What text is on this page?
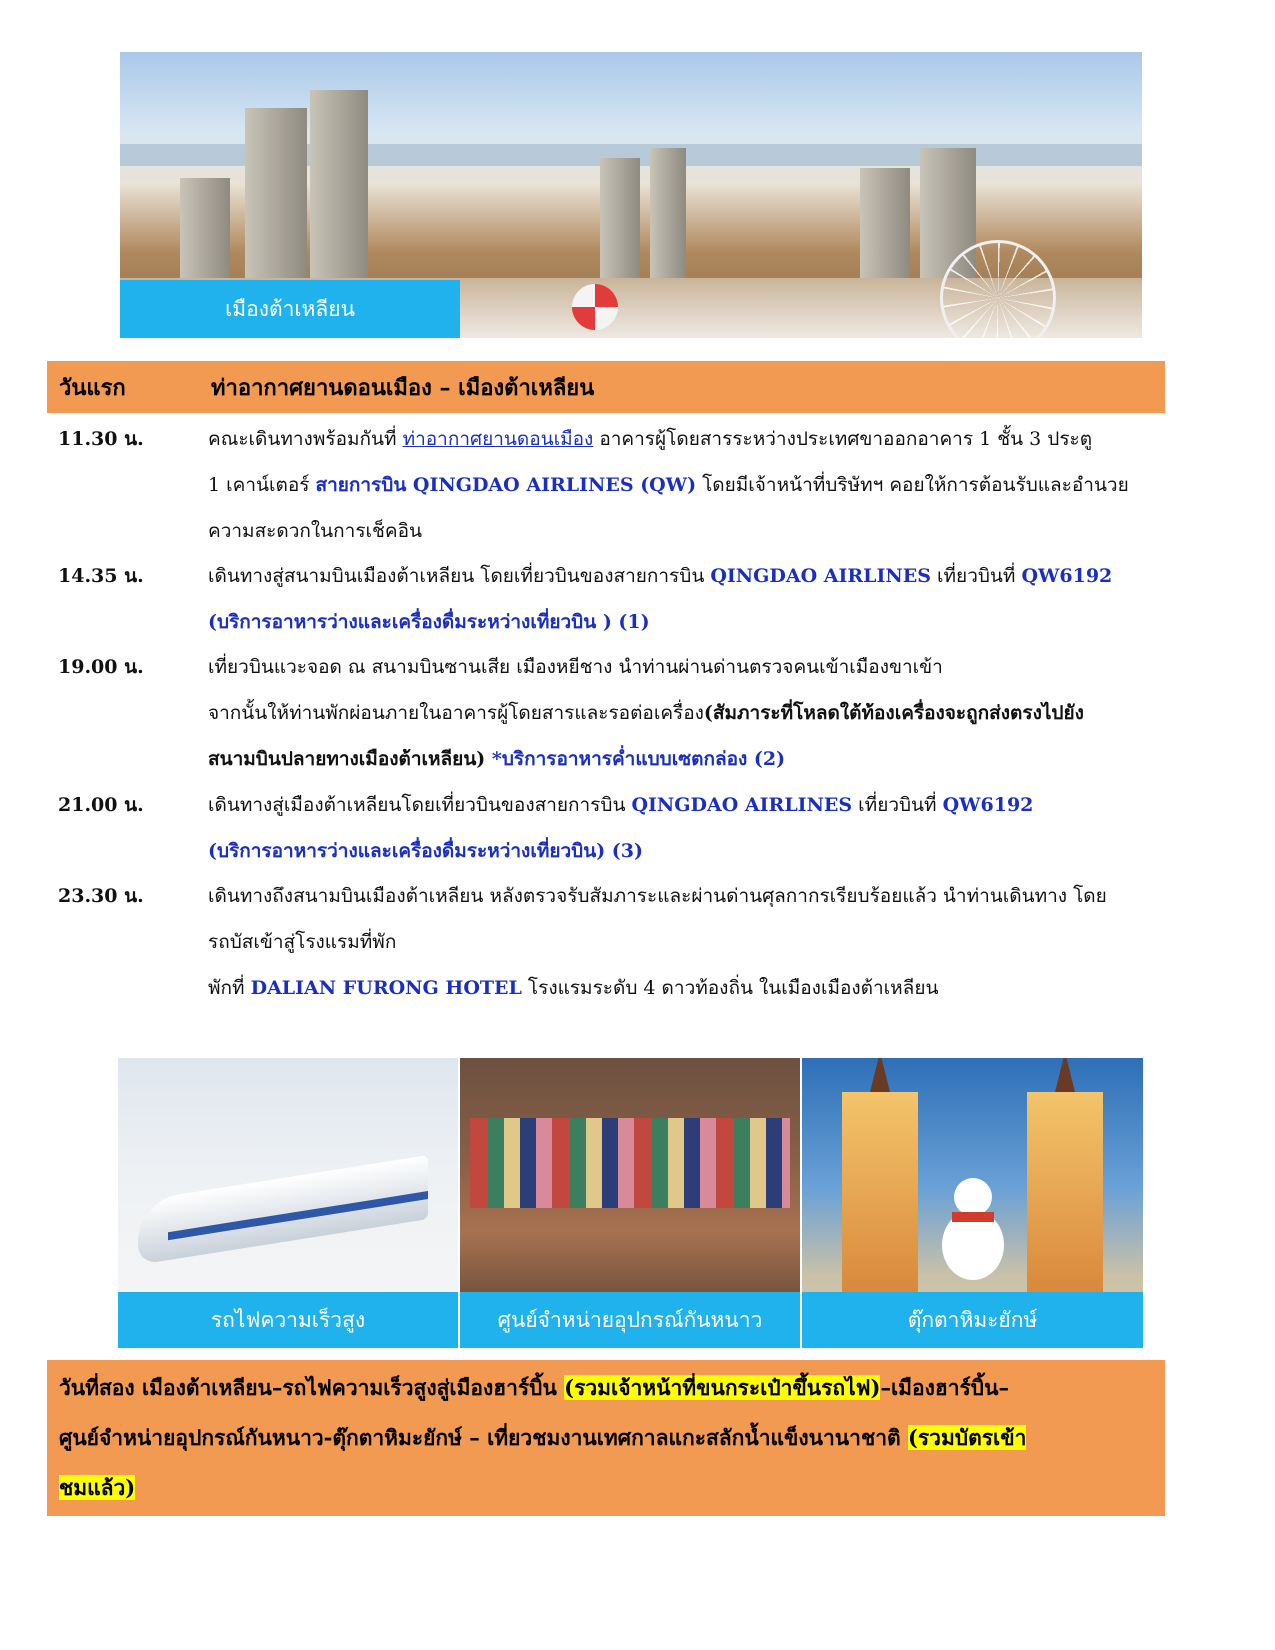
เมืองต้าเหลียน
วันแรก	ท่าอากาศยานดอนเมือง – เมืองต้าเหลียน
11.30 น.	คณะเดินทางพร้อมกันที่ ท่าอากาศยานดอนเมือง อาคารผู้โดยสารระหว่างประเทศขาออกอาคาร 1 ชั้น 3 ประตู
1 เคาน์เตอร์ สายการบิน QINGDAO AIRLINES (QW) โดยมีเจ้าหน้าที่บริษัทฯ คอยให้การต้อนรับและอำนวย
ความสะดวกในการเช็คอิน
14.35 น.	เดินทางสู่สนามบินเมืองต้าเหลียน โดยเที่ยวบินของสายการบิน QINGDAO AIRLINES เที่ยวบินที่ QW6192
(บริการอาหารว่างและเครื่องดื่มระหว่างเที่ยวบิน ) (1)
19.00 น.	เที่ยวบินแวะจอด ณ สนามบินซานเสีย เมืองหยีชาง นำท่านผ่านด่านตรวจคนเข้าเมืองขาเข้า
จากนั้นให้ท่านพักผ่อนภายในอาคารผู้โดยสารและรอต่อเครื่อง(สัมภาระที่โหลดใต้ท้องเครื่องจะถูกส่งตรงไปยัง
สนามบินปลายทางเมืองต้าเหลียน) *บริการอาหารค่ำแบบเซตกล่อง (2)
21.00 น.	เดินทางสู่เมืองต้าเหลียนโดยเที่ยวบินของสายการบิน QINGDAO AIRLINES เที่ยวบินที่ QW6192
(บริการอาหารว่างและเครื่องดื่มระหว่างเที่ยวบิน) (3)
23.30 น.	เดินทางถึงสนามบินเมืองต้าเหลียน หลังตรวจรับสัมภาระและผ่านด่านศุลกากรเรียบร้อยแล้ว นำท่านเดินทาง โดย
รถบัสเข้าสู่โรงแรมที่พัก
พักที่ DALIAN FURONG HOTEL โรงแรมระดับ 4 ดาวท้องถิ่น ในเมืองเมืองต้าเหลียน
รถไฟความเร็วสูง	ศูนย์จำหน่ายอุปกรณ์กันหนาว	ตุ๊กตาหิมะยักษ์
วันที่สอง เมืองต้าเหลียน–รถไฟความเร็วสูงสู่เมืองฮาร์บิ้น (รวมเจ้าหน้าที่ขนกระเป๋าขึ้นรถไฟ)–เมืองฮาร์บิ้น–
ศูนย์จำหน่ายอุปกรณ์กันหนาว-ตุ๊กตาหิมะยักษ์ – เที่ยวชมงานเทศกาลแกะสลักน้ำแข็งนานาชาติ (รวมบัตรเข้า
ชมแล้ว)
